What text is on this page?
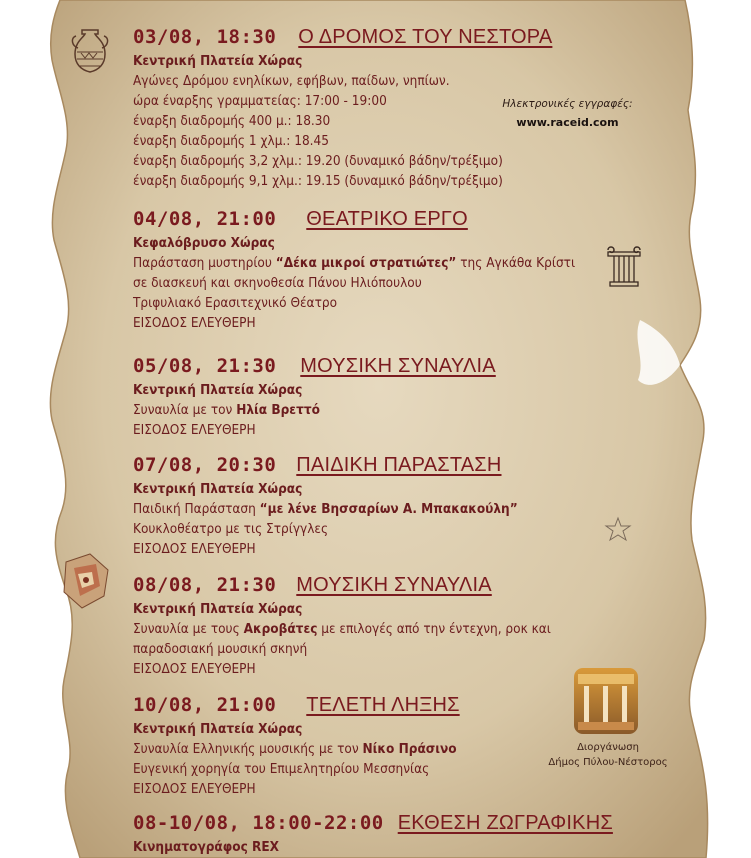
Ηλεκτρονικές εγγραφές:
www.raceid.com
Διοργάνωση
Δήμος Πύλου-Νέστορος
03/08, 18:30 Ο ΔΡΟΜΟΣ ΤΟΥ ΝΕΣΤΟΡΑ
Κεντρική Πλατεία Χώρας
Αγώνες Δρόμου ενηλίκων, εφήβων, παίδων, νηπίων.
ώρα έναρξης γραμματείας: 17:00 - 19:00
έναρξη διαδρομής 400 μ.: 18.30
έναρξη διαδρομής 1 χλμ.: 18.45
έναρξη διαδρομής 3,2 χλμ.: 19.20 (δυναμικό βάδην/τρέξιμο)
έναρξη διαδρομής 9,1 χλμ.: 19.15 (δυναμικό βάδην/τρέξιμο)
04/08, 21:00 ΘΕΑΤΡΙΚΟ ΕΡΓΟ
Κεφαλόβρυσο Χώρας
Παράσταση μυστηρίου “Δέκα μικροί στρατιώτες” της Αγκάθα Κρίστι
σε διασκευή και σκηνοθεσία Πάνου Ηλιόπουλου
Τριφυλιακό Ερασιτεχνικό Θέατρο
ΕΙΣΟΔΟΣ ΕΛΕΥΘΕΡΗ
05/08, 21:30 ΜΟΥΣΙΚΗ ΣΥΝΑΥΛΙΑ
Κεντρική Πλατεία Χώρας
Συναυλία με τον Ηλία Βρεττό
ΕΙΣΟΔΟΣ ΕΛΕΥΘΕΡΗ
07/08, 20:30 ΠΑΙΔΙΚΗ ΠΑΡΑΣΤΑΣΗ
Κεντρική Πλατεία Χώρας
Παιδική Παράσταση “με λένε Βησσαρίων Α. Μπακακούλη”
Κουκλοθέατρο με τις Στρίγγλες
ΕΙΣΟΔΟΣ ΕΛΕΥΘΕΡΗ
08/08, 21:30 ΜΟΥΣΙΚΗ ΣΥΝΑΥΛΙΑ
Κεντρική Πλατεία Χώρας
Συναυλία με τους Ακροβάτες με επιλογές από την έντεχνη, ροκ και
παραδοσιακή μουσική σκηνή
ΕΙΣΟΔΟΣ ΕΛΕΥΘΕΡΗ
10/08, 21:00 ΤΕΛΕΤΗ ΛΗΞΗΣ
Κεντρική Πλατεία Χώρας
Συναυλία Ελληνικής μουσικής με τον Νίκο Πράσινο
Ευγενική χορηγία του Επιμελητηρίου Μεσσηνίας
ΕΙΣΟΔΟΣ ΕΛΕΥΘΕΡΗ
08-10/08, 18:00-22:00 ΕΚΘΕΣΗ ΖΩΓΡΑΦΙΚΗΣ
Κινηματογράφος REX
